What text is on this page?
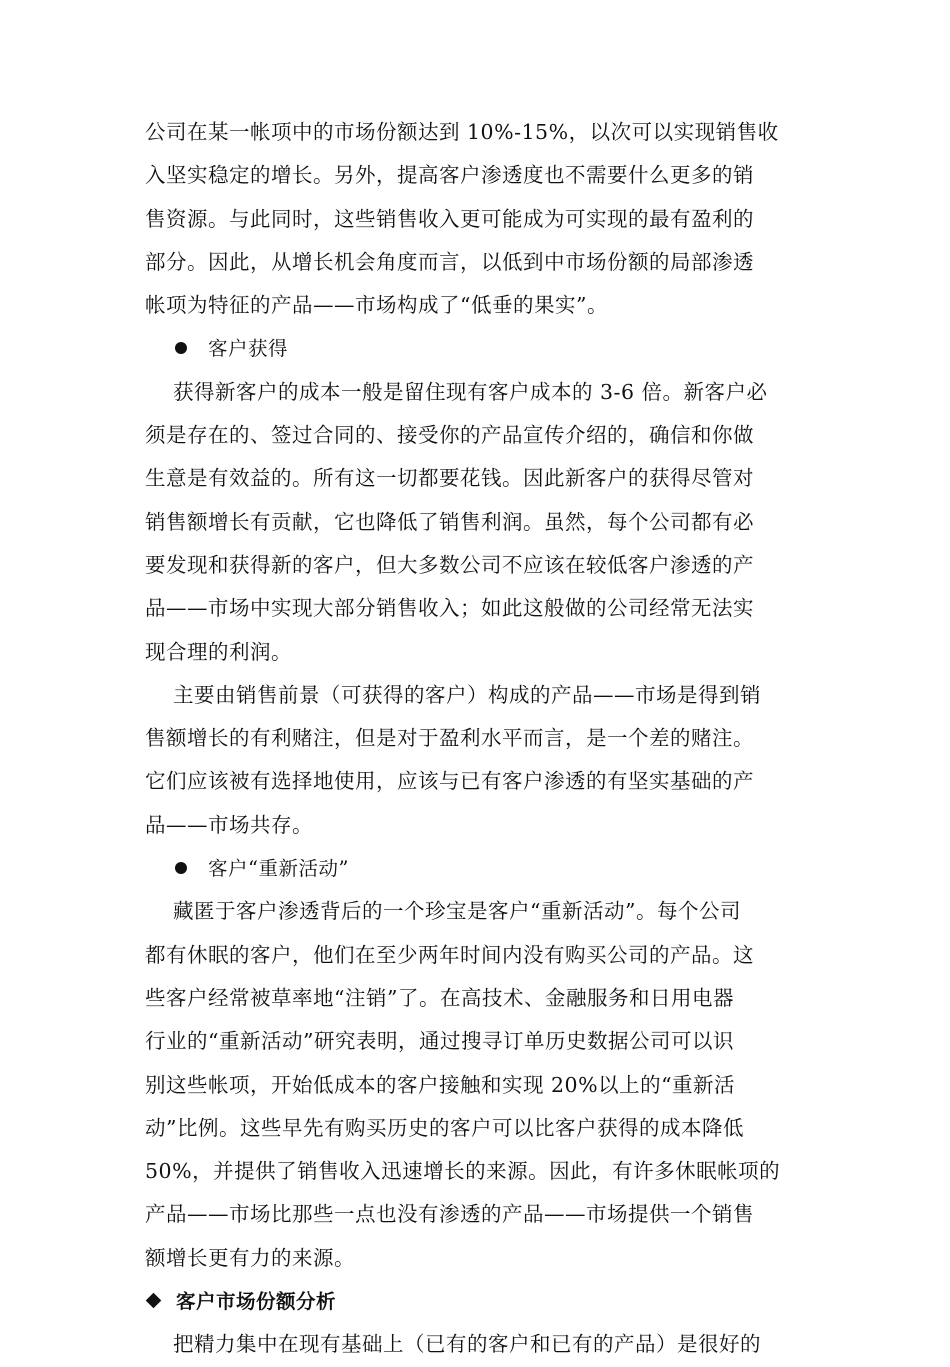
公司在某一帐项中的市场份额达到 10%-15%，以次可以实现销售收
入坚实稳定的增长。另外，提高客户渗透度也不需要什么更多的销
售资源。与此同时，这些销售收入更可能成为可实现的最有盈利的
部分。因此，从增长机会角度而言，以低到中市场份额的局部渗透
帐项为特征的产品——市场构成了“低垂的果实”。
客户获得
获得新客户的成本一般是留住现有客户成本的 3-6 倍。新客户必
须是存在的、签过合同的、接受你的产品宣传介绍的，确信和你做
生意是有效益的。所有这一切都要花钱。因此新客户的获得尽管对
销售额增长有贡献，它也降低了销售利润。虽然，每个公司都有必
要发现和获得新的客户，但大多数公司不应该在较低客户渗透的产
品——市场中实现大部分销售收入；如此这般做的公司经常无法实
现合理的利润。
主要由销售前景（可获得的客户）构成的产品——市场是得到销
售额增长的有利赌注，但是对于盈利水平而言，是一个差的赌注。
它们应该被有选择地使用，应该与已有客户渗透的有坚实基础的产
品——市场共存。
客户“重新活动”
藏匿于客户渗透背后的一个珍宝是客户“重新活动”。每个公司
都有休眠的客户，他们在至少两年时间内没有购买公司的产品。这
些客户经常被草率地“注销”了。在高技术、金融服务和日用电器
行业的“重新活动”研究表明，通过搜寻订单历史数据公司可以识
别这些帐项，开始低成本的客户接触和实现 20%以上的“重新活
动”比例。这些早先有购买历史的客户可以比客户获得的成本降低
50%，并提供了销售收入迅速增长的来源。因此，有许多休眠帐项的
产品——市场比那些一点也没有渗透的产品——市场提供一个销售
额增长更有力的来源。
客户市场份额分析
把精力集中在现有基础上（已有的客户和已有的产品）是很好的
